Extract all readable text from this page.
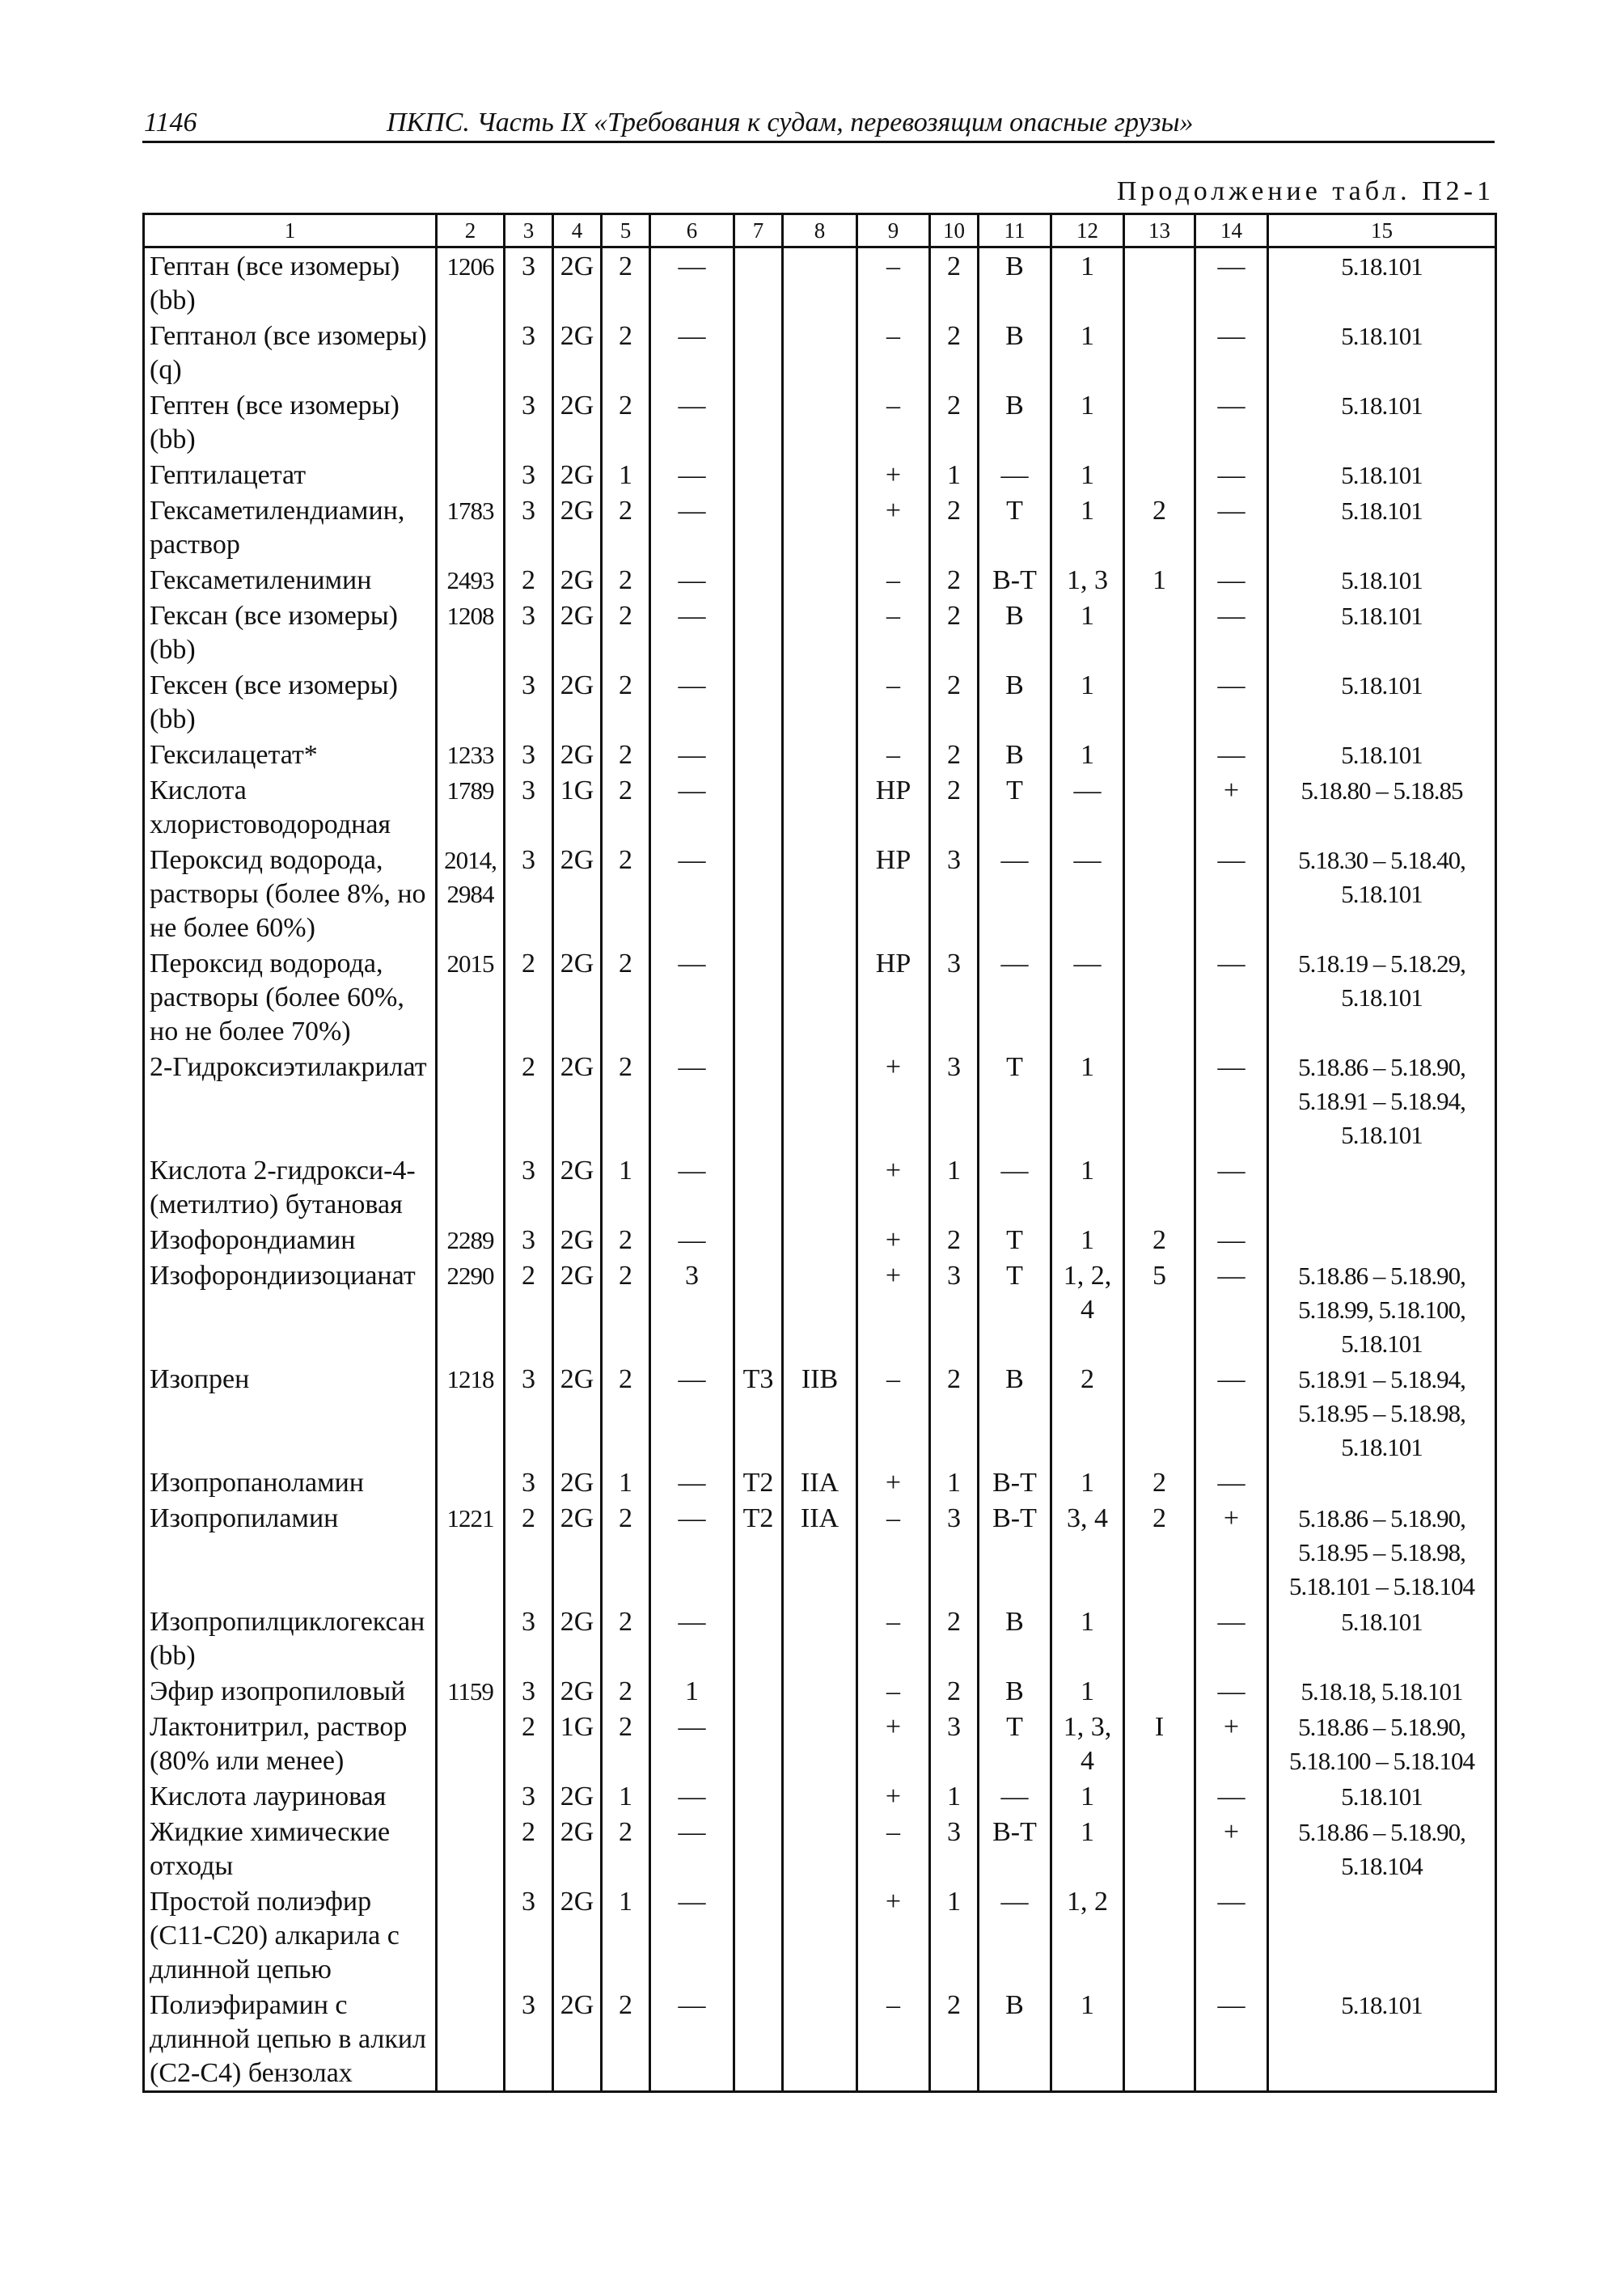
1146	ПКПС. Часть IX «Требования к судам, перевозящим опасные грузы»
Продолжение табл. П2-1
1	2	3	4	5	6	7	8	9	10	11	12	13	14	15
Гептан (все изомеры) (bb)	1206	3	2G	2	—			–	2	В	1		—	5.18.101
Гептанол (все изомеры) (q)		3	2G	2	—			–	2	В	1		—	5.18.101
Гептен (все изомеры) (bb)		3	2G	2	—			–	2	В	1		—	5.18.101
Гептилацетат		3	2G	1	—			+	1	—	1		—	5.18.101
Гексаметилендиамин, раствор	1783	3	2G	2	—			+	2	Т	1	2	—	5.18.101
Гексаметиленимин	2493	2	2G	2	—			–	2	В-Т	1, 3	1	—	5.18.101
Гексан (все изомеры) (bb)	1208	3	2G	2	—			–	2	В	1		—	5.18.101
Гексен (все изомеры) (bb)		3	2G	2	—			–	2	В	1		—	5.18.101
Гексилацетат*	1233	3	2G	2	—			–	2	В	1		—	5.18.101
Кислота хлористоводородная	1789	3	1G	2	—			НР	2	Т	—		+	5.18.80 – 5.18.85
Пероксид водорода, растворы (более 8%, но не более 60%)	2014, 2984	3	2G	2	—			НР	3	—	—		—	5.18.30 – 5.18.40, 5.18.101
Пероксид водорода, растворы (более 60%, но не более 70%)	2015	2	2G	2	—			НР	3	—	—		—	5.18.19 – 5.18.29, 5.18.101
2-Гидроксиэтилакрилат		2	2G	2	—			+	3	Т	1		—	5.18.86 – 5.18.90, 5.18.91 – 5.18.94, 5.18.101
Кислота 2-гидрокси-4-(метилтио) бутановая		3	2G	1	—			+	1	—	1		—	
Изофорондиамин	2289	3	2G	2	—			+	2	Т	1	2	—	
Изофорондиизоцианат	2290	2	2G	2	3			+	3	Т	1, 2, 4	5	—	5.18.86 – 5.18.90, 5.18.99, 5.18.100, 5.18.101
Изопрен	1218	3	2G	2	—	Т3	IIВ	–	2	В	2		—	5.18.91 – 5.18.94, 5.18.95 – 5.18.98, 5.18.101
Изопропаноламин		3	2G	1	—	Т2	IIА	+	1	В-Т	1	2	—	
Изопропиламин	1221	2	2G	2	—	Т2	IIА	–	3	В-Т	3, 4	2	+	5.18.86 – 5.18.90, 5.18.95 – 5.18.98, 5.18.101 – 5.18.104
Изопропилциклогексан (bb)		3	2G	2	—			–	2	В	1		—	5.18.101
Эфир изопропиловый	1159	3	2G	2	1			–	2	В	1		—	5.18.18, 5.18.101
Лактонитрил, раствор (80% или менее)		2	1G	2	—			+	3	Т	1, 3, 4	I	+	5.18.86 – 5.18.90, 5.18.100 – 5.18.104
Кислота лауриновая		3	2G	1	—			+	1	—	1		—	5.18.101
Жидкие химические отходы		2	2G	2	—			–	3	В-Т	1		+	5.18.86 – 5.18.90, 5.18.104
Простой полиэфир (C11-C20) алкарила с длинной цепью		3	2G	1	—			+	1	—	1, 2		—	
Полиэфирамин с длинной цепью в алкил (C2-C4) бензолах		3	2G	2	—			–	2	В	1		—	5.18.101
